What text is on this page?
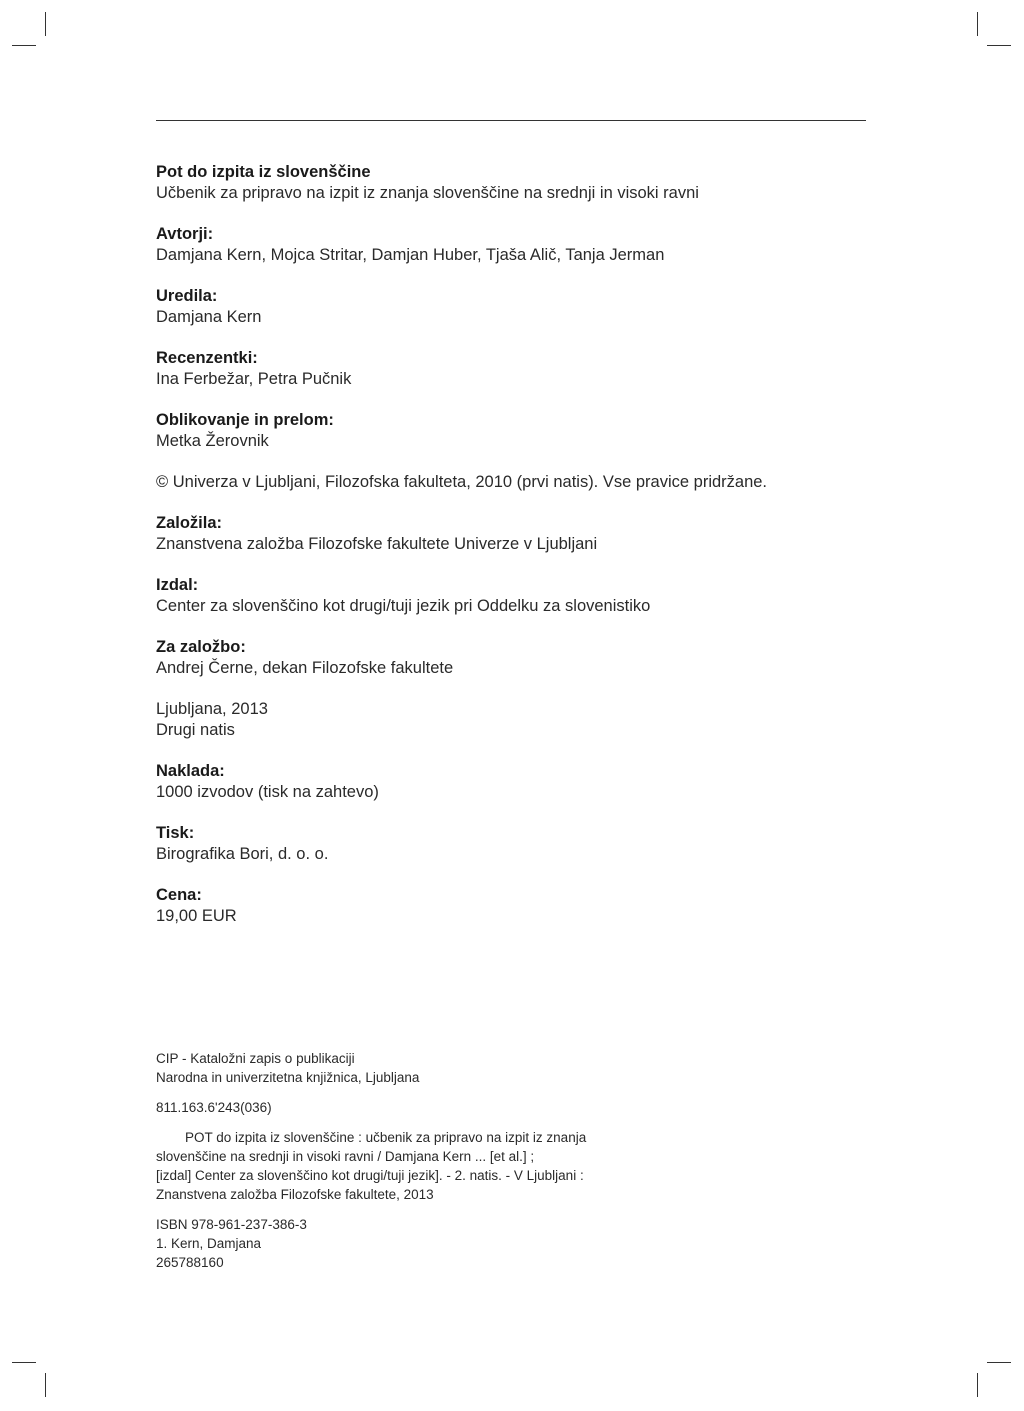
Pot do izpita iz slovenščine
Učbenik za pripravo na izpit iz znanja slovenščine na srednji in visoki ravni
Avtorji:
Damjana Kern, Mojca Stritar, Damjan Huber, Tjaša Alič, Tanja Jerman
Uredila:
Damjana Kern
Recenzentki:
Ina Ferbežar, Petra Pučnik
Oblikovanje in prelom:
Metka Žerovnik
© Univerza v Ljubljani, Filozofska fakulteta, 2010 (prvi natis). Vse pravice pridržane.
Založila:
Znanstvena založba Filozofske fakultete Univerze v Ljubljani
Izdal:
Center za slovenščino kot drugi/tuji jezik pri Oddelku za slovenistiko
Za založbo:
Andrej Černe, dekan Filozofske fakultete
Ljubljana, 2013
Drugi natis
Naklada:
1000 izvodov (tisk na zahtevo)
Tisk:
Birografika Bori, d. o. o.
Cena:
19,00 EUR
CIP - Kataložni zapis o publikaciji
Narodna in univerzitetna knjižnica, Ljubljana
811.163.6'243(036)
POT do izpita iz slovenščine : učbenik za pripravo na izpit iz znanja
slovenščine na srednji in visoki ravni / Damjana Kern ... [et al.] ;
[izdal] Center za slovenščino kot drugi/tuji jezik]. - 2. natis. - V Ljubljani :
Znanstvena založba Filozofske fakultete, 2013
ISBN 978-961-237-386-3
1. Kern, Damjana
265788160
